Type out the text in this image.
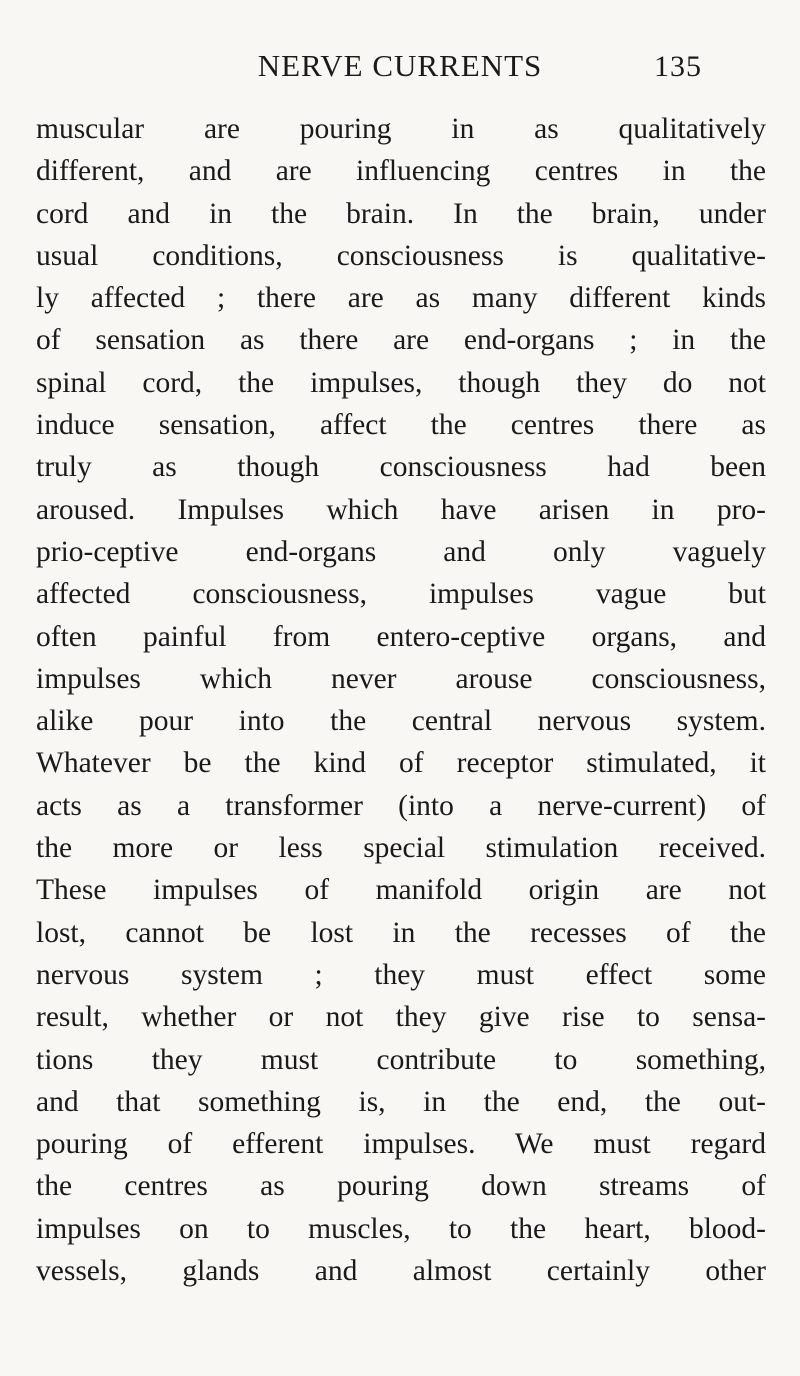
NERVE CURRENTS	135
muscular are pouring in as qualitatively
different, and are influencing centres in the
cord and in the brain. In the brain, under
usual conditions, consciousness is qualitative-
ly affected ; there are as many different kinds
of sensation as there are end-organs ; in the
spinal cord, the impulses, though they do not
induce sensation, affect the centres there as
truly as though consciousness had been
aroused. Impulses which have arisen in pro-
prio-ceptive end-organs and only vaguely
affected consciousness, impulses vague but
often painful from entero-ceptive organs, and
impulses which never arouse consciousness,
alike pour into the central nervous system.
Whatever be the kind of receptor stimulated, it
acts as a transformer (into a nerve-current) of
the more or less special stimulation received.
These impulses of manifold origin are not
lost, cannot be lost in the recesses of the
nervous system ; they must effect some
result, whether or not they give rise to sensa-
tions they must contribute to something,
and that something is, in the end, the out-
pouring of efferent impulses. We must regard
the centres as pouring down streams of
impulses on to muscles, to the heart, blood-
vessels, glands and almost certainly other
